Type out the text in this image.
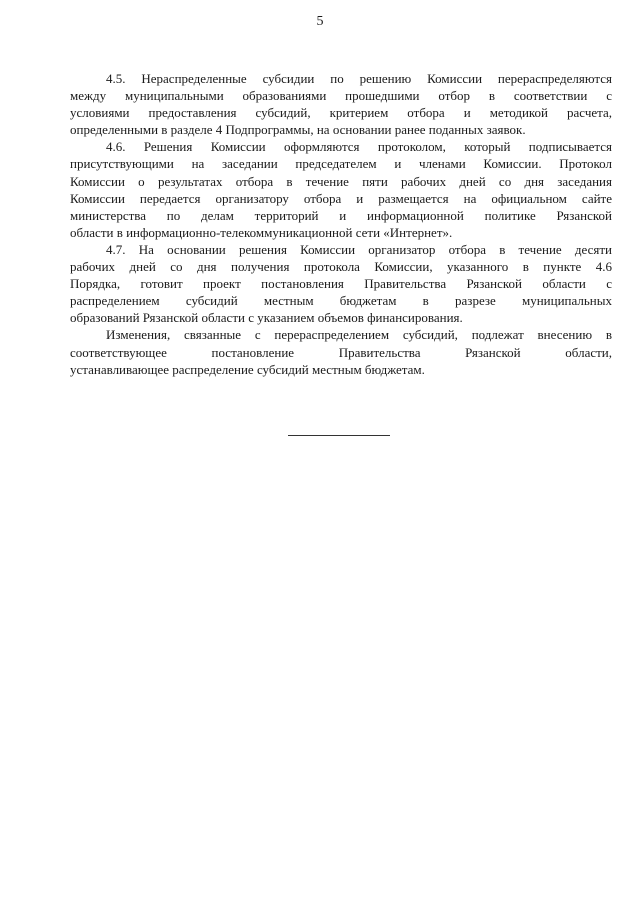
5

4.5. Нераспределенные субсидии по решению Комиссии перераспределяются
между муниципальными образованиями прошедшими отбор в соответствии с
условиями предоставления субсидий, критерием отбора и методикой расчета,
определенными в разделе 4 Подпрограммы, на основании ранее поданных заявок.

4.6. Решения Комиссии оформляются протоколом, который подписывается
присутствующими на заседании председателем и членами Комиссии. Протокол
Комиссии о результатах отбора в течение пяти рабочих дней со дня заседания
Комиссии передается организатору отбора и размещается на официальном сайте
министерства по делам территорий и информационной политике Рязанской
области в информационно-телекоммуникационной сети «Интернет».

4.7. На основании решения Комиссии организатор отбора в течение десяти
рабочих дней со дня получения протокола Комиссии, указанного в пункте 4.6
Порядка, готовит проект постановления Правительства Рязанской области с
распределением субсидий местным бюджетам в разрезе муниципальных
образований Рязанской области с указанием объемов финансирования.

Изменения, связанные с перераспределением субсидий, подлежат внесению в
соответствующее постановление Правительства Рязанской области,
устанавливающее распределение субсидий местным бюджетам.
